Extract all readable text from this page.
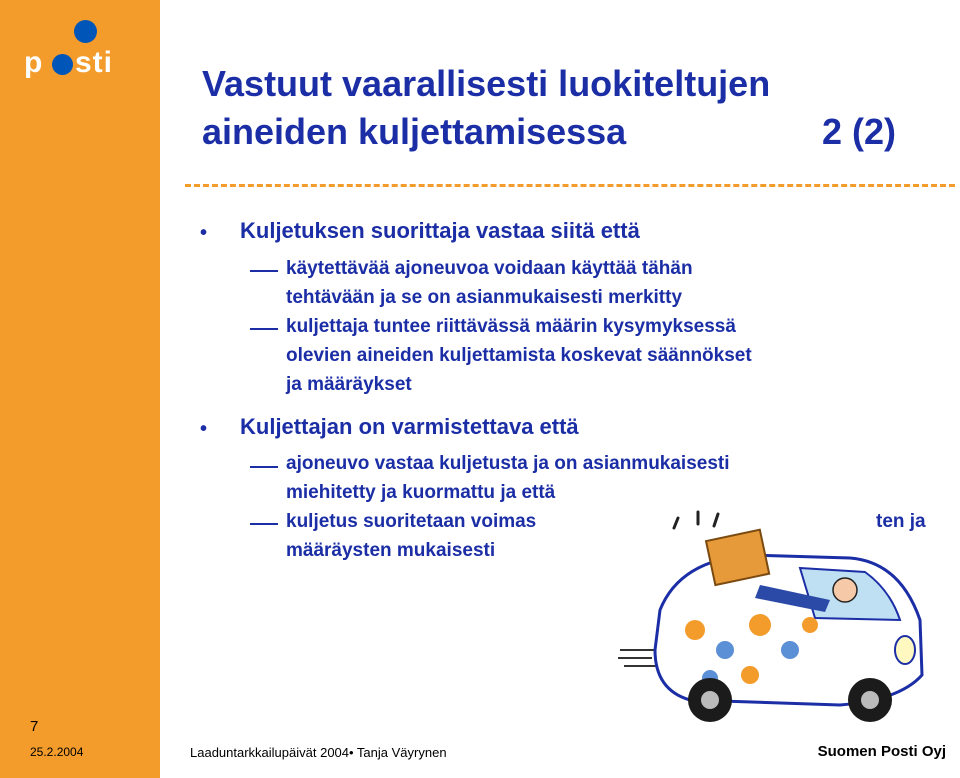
p sti
7
25.2.2004
Vastuut vaarallisesti luokiteltujen
aineiden kuljettamisessa	2 (2)
• Kuljetuksen suorittaja vastaa siitä että
käytettävää ajoneuvoa voidaan käyttää tähän
tehtävään ja se on asianmukaisesti merkitty
kuljettaja tuntee riittävässä määrin kysymyksessä
olevien aineiden kuljettamista koskevat säännökset
ja määräykset
• Kuljettajan on varmistettava että
ajoneuvo vastaa kuljetusta ja on asianmukaisesti
miehitetty ja kuormattu ja että
kuljetus suoritetaan voimas	ten ja
määräysten mukaisesti
Laaduntarkkailupäivät 2004• Tanja Väyrynen	Suomen Posti Oyj
